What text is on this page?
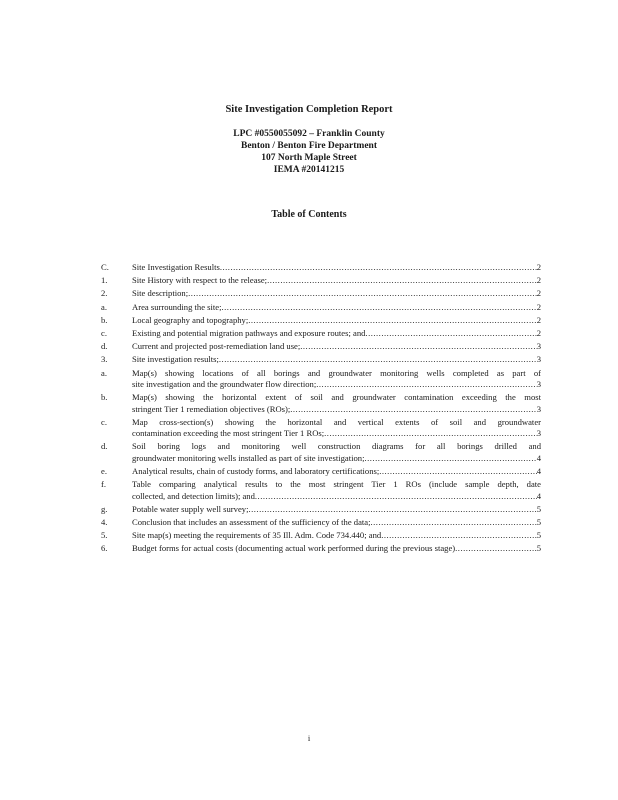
Site Investigation Completion Report
LPC #0550055092 – Franklin County
Benton / Benton Fire Department
107 North Maple Street
IEMA #20141215
Table of Contents
C.	Site Investigation Results .....	2
1.	Site History with respect to the release; .....	2
2.	Site description; .....	2
a.	Area surrounding the site; .....	2
b.	Local geography and topography; .....	2
c.	Existing and potential migration pathways and exposure routes; and .....	2
d.	Current and projected post-remediation land use; .....	3
3.	Site investigation results; .....	3
a.	Map(s) showing locations of all borings and groundwater monitoring wells completed as part of
site investigation and the groundwater flow direction; .....	3
b.	Map(s) showing the horizontal extent of soil and groundwater contamination exceeding the most
stringent Tier 1 remediation objectives (ROs); .....	3
c.	Map cross-section(s) showing the horizontal and vertical extents of soil and groundwater
contamination exceeding the most stringent Tier 1 ROs; .....	3
d.	Soil boring logs and monitoring well construction diagrams for all borings drilled and
groundwater monitoring wells installed as part of site investigation; .....	4
e.	Analytical results, chain of custody forms, and laboratory certifications; .....	4
f.	Table comparing analytical results to the most stringent Tier 1 ROs (include sample depth, date
collected, and detection limits); and .....	4
g.	Potable water supply well survey; .....	5
4.	Conclusion that includes an assessment of the sufficiency of the data; .....	5
5.	Site map(s) meeting the requirements of 35 Ill. Adm. Code 734.440; and .....	5
6.	Budget forms for actual costs (documenting actual work performed during the previous stage) .....	5
i
